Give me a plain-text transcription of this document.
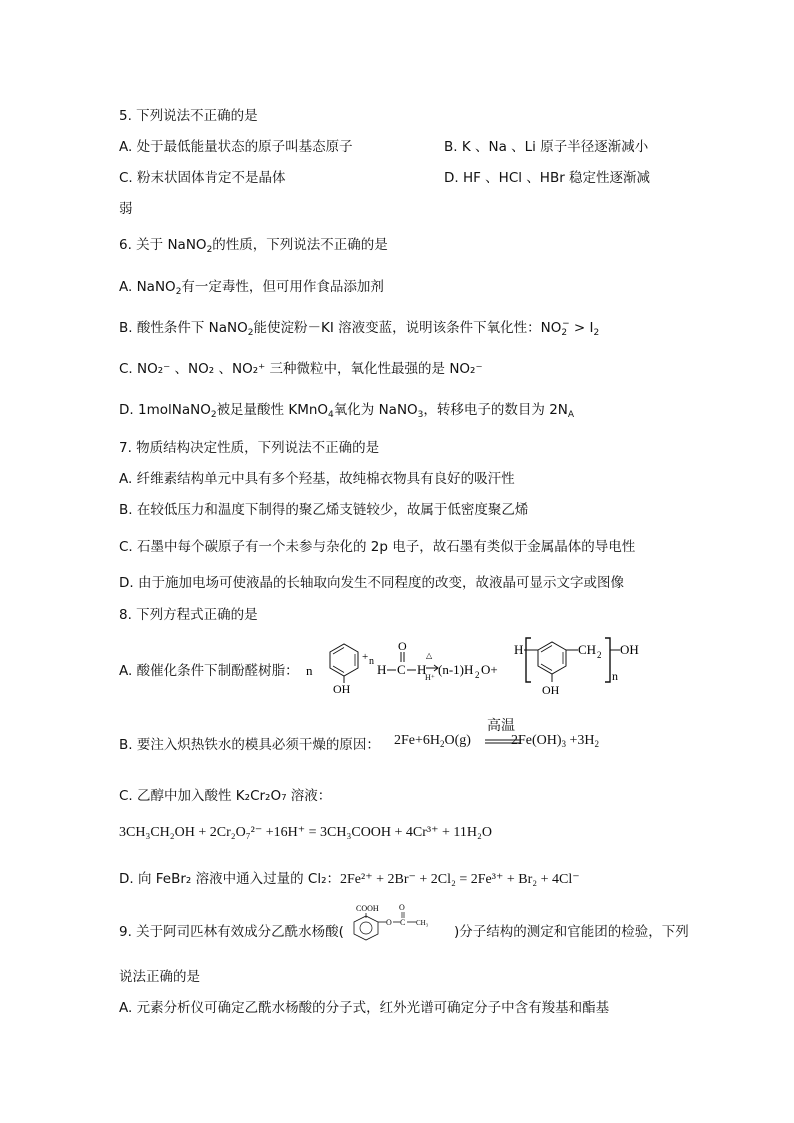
5. 下列说法不正确的是
A. 处于最低能量状态的原子叫基态原子	B. K 、Na 、Li 原子半径逐渐减小
C. 粉末状固体肯定不是晶体	D. HF 、HCl 、HBr 稳定性逐渐减
弱
6. 关于 NaNO$_2$的性质，下列说法不正确的是
A. NaNO$_2$有一定毒性，但可用作食品添加剂
B. 酸性条件下 NaNO$_2$能使淀粉－KI 溶液变蓝，说明该条件下氧化性：$NO_2^- > I_2$
C. NO₂⁻ 、NO₂ 、NO₂⁺ 三种微粒中，氧化性最强的是 NO₂⁻
D. 1molNaNO$_2$被足量酸性 KMnO$_4$氧化为 NaNO$_3$，转移电子的数目为 $2N_A$
7. 物质结构决定性质，下列说法不正确的是
A. 纤维素结构单元中具有多个羟基，故纯棉衣物具有良好的吸汗性
B. 在较低压力和温度下制得的聚乙烯支链较少，故属于低密度聚乙烯
C. 石墨中每个碳原子有一个未参与杂化的 2p 电子，故石墨有类似于金属晶体的导电性
D. 由于施加电场可使液晶的长轴取向发生不同程度的改变，故液晶可显示文字或图像
8. 下列方程式正确的是
A. 酸催化条件下制酚醛树脂： n
OH
+ n
H C
O
H
△
H⁺
(n-1)H 2 O+
H
OH
CH 2 OH
n
B. 要注入炽热铁水的模具必须干燥的原因： $2Fe+6H_2O(g)$	$2Fe(OH)_3 +3H_2$
高温
C. 乙醇中加入酸性 K₂Cr₂O₇ 溶液：
3CH₃CH₂OH + 2Cr₂O₇²⁻ +16H⁺ = 3CH₃COOH + 4Cr³⁺ + 11H₂O
D. 向 FeBr₂ 溶液中通入过量的 Cl₂：2Fe²⁺ + 2Br⁻ + 2Cl₂ = 2Fe³⁺ + Br₂ + 4Cl⁻
9. 关于阿司匹林有效成分乙酰水杨酸(	)分子结构的测定和官能团的检验，下列
COOH
O C
O
CH₃
说法正确的是
A. 元素分析仪可确定乙酰水杨酸的分子式，红外光谱可确定分子中含有羧基和酯基
